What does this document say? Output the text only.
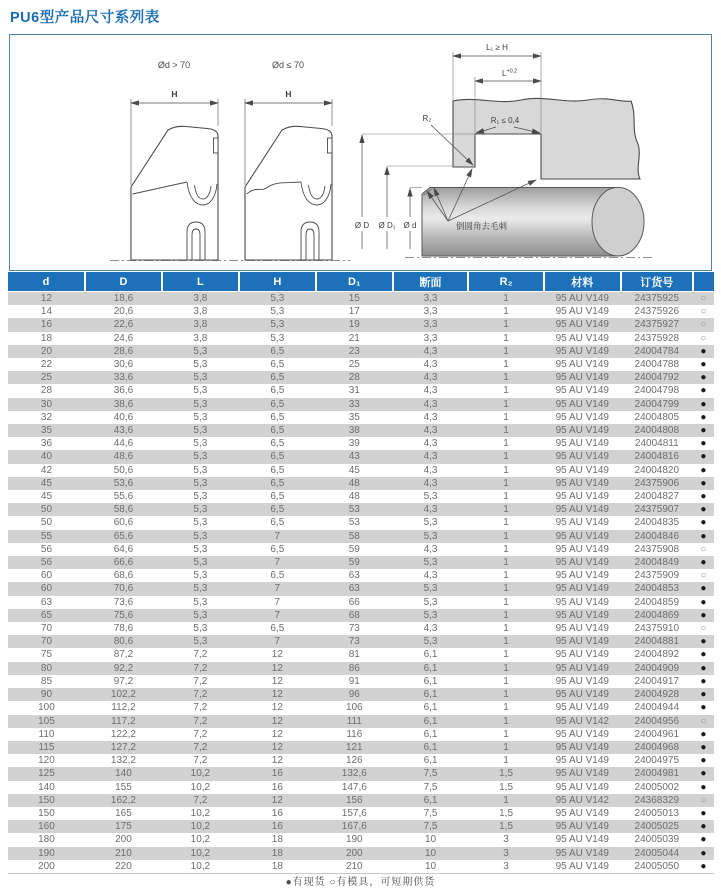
PU6型产品尺寸系列表
Ød > 70
H
Ød ≤ 70
H
L₁ ≥ H
$L^{+0,2}$
R₁ ≤ 0,4
R₂
Ø D Ø D₁ Ø d	倒圆角去毛刺
d	D	L	H	D₁	断面	R₂	材料	订货号	
12	18,6	3,8	5,3	15	3,3	1	95 AU V149	24375925	○
14	20,6	3,8	5,3	17	3,3	1	95 AU V149	24375926	○
16	22,6	3,8	5,3	19	3,3	1	95 AU V149	24375927	○
18	24,6	3,8	5,3	21	3,3	1	95 AU V149	24375928	○
20	28,6	5,3	6,5	23	4,3	1	95 AU V149	24004784	●
22	30,6	5,3	6,5	25	4,3	1	95 AU V149	24004788	●
25	33,6	5,3	6,5	28	4,3	1	95 AU V149	24004792	●
28	36,6	5,3	6,5	31	4,3	1	95 AU V149	24004798	●
30	38,6	5,3	6,5	33	4,3	1	95 AU V149	24004799	●
32	40,6	5,3	6,5	35	4,3	1	95 AU V149	24004805	●
35	43,6	5,3	6,5	38	4,3	1	95 AU V149	24004808	●
36	44,6	5,3	6,5	39	4,3	1	95 AU V149	24004811	●
40	48,6	5,3	6,5	43	4,3	1	95 AU V149	24004816	●
42	50,6	5,3	6,5	45	4,3	1	95 AU V149	24004820	●
45	53,6	5,3	6,5	48	4,3	1	95 AU V149	24375906	●
45	55,6	5,3	6,5	48	5,3	1	95 AU V149	24004827	●
50	58,6	5,3	6,5	53	4,3	1	95 AU V149	24375907	●
50	60,6	5,3	6,5	53	5,3	1	95 AU V149	24004835	●
55	65,6	5,3	7	58	5,3	1	95 AU V149	24004846	●
56	64,6	5,3	6,5	59	4,3	1	95 AU V149	24375908	○
56	66,6	5,3	7	59	5,3	1	95 AU V149	24004849	●
60	68,6	5,3	6,5	63	4,3	1	95 AU V149	24375909	○
60	70,6	5,3	7	63	5,3	1	95 AU V149	24004853	●
63	73,6	5,3	7	66	5,3	1	95 AU V149	24004859	●
65	75,6	5,3	7	68	5,3	1	95 AU V149	24004869	●
70	78,6	5,3	6,5	73	4,3	1	95 AU V149	24375910	○
70	80,6	5,3	7	73	5,3	1	95 AU V149	24004881	●
75	87,2	7,2	12	81	6,1	1	95 AU V149	24004892	●
80	92,2	7,2	12	86	6,1	1	95 AU V149	24004909	●
85	97,2	7,2	12	91	6,1	1	95 AU V149	24004917	●
90	102,2	7,2	12	96	6,1	1	95 AU V149	24004928	●
100	112,2	7,2	12	106	6,1	1	95 AU V149	24004944	●
105	117,2	7,2	12	111	6,1	1	95 AU V142	24004956	○
110	122,2	7,2	12	116	6,1	1	95 AU V149	24004961	●
115	127,2	7,2	12	121	6,1	1	95 AU V149	24004968	●
120	132,2	7,2	12	126	6,1	1	95 AU V149	24004975	●
125	140	10,2	16	132,6	7,5	1,5	95 AU V149	24004981	●
140	155	10,2	16	147,6	7,5	1,5	95 AU V149	24005002	●
150	162,2	7,2	12	156	6,1	1	95 AU V142	24368329	○
150	165	10,2	16	157,6	7,5	1,5	95 AU V149	24005013	●
160	175	10,2	16	167,6	7,5	1,5	95 AU V149	24005025	●
180	200	10,2	18	190	10	3	95 AU V149	24005039	●
190	210	10,2	18	200	10	3	95 AU V149	24005044	●
200	220	10,2	18	210	10	3	95 AU V149	24005050	●
●有现货 ○有模具，可短期供货
